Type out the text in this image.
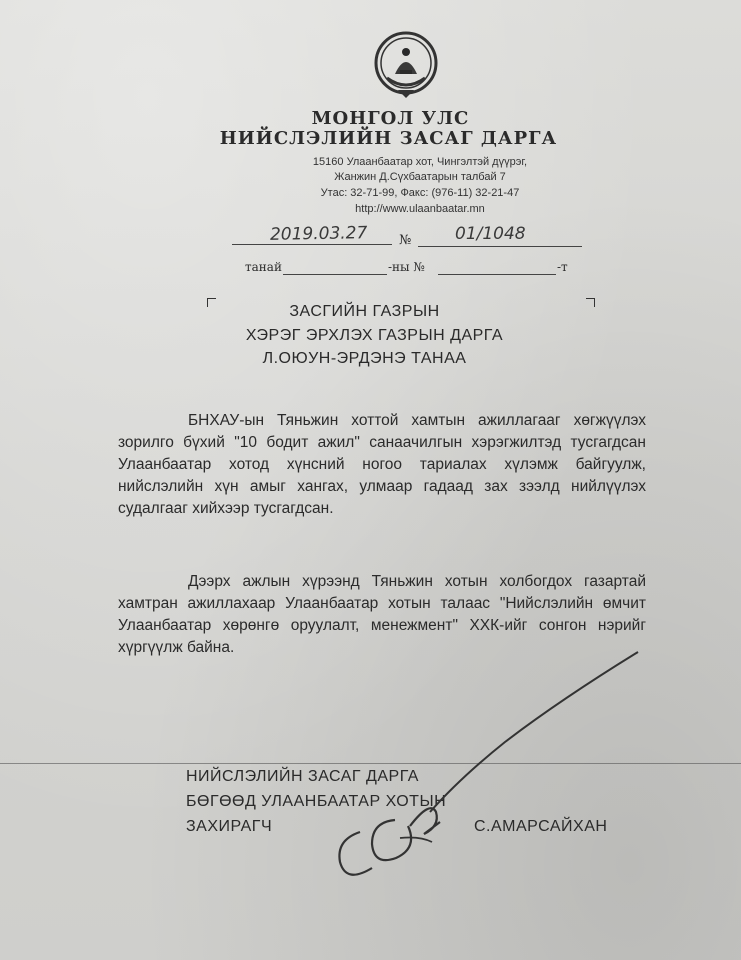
МОНГОЛ УЛС
НИЙСЛЭЛИЙН ЗАСАГ ДАРГА
15160 Улаанбаатар хот, Чингэлтэй дүүрэг,
Жанжин Д.Сүхбаатарын талбай 7
Утас: 32-71-99, Факс: (976-11) 32-21-47
http://www.ulaanbaatar.mn
2019.03.27 №	01/1048
танай	-ны №	-т
ЗАСГИЙН ГАЗРЫН
ХЭРЭГ ЭРХЛЭХ ГАЗРЫН ДАРГА
Л.ОЮУН-ЭРДЭНЭ ТАНАА
БНХАУ-ын Тяньжин хоттой хамтын ажиллагааг хөгжүүлэх зорилго бүхий "10 бодит ажил" санаачилгын хэрэгжилтэд тусгагдсан Улаанбаатар хотод хүнсний ногоо тариалах хүлэмж байгуулж, нийслэлийн хүн амыг хангах, улмаар гадаад зах зээлд нийлүүлэх судалгааг хийхээр тусгагдсан.
Дээрх ажлын хүрээнд Тяньжин хотын холбогдох газартай хамтран ажиллахаар Улаанбаатар хотын талаас "Нийслэлийн өмчит Улаанбаатар хөрөнгө оруулалт, менежмент" ХХК-ийг сонгон нэрийг хүргүүлж байна.
НИЙСЛЭЛИЙН ЗАСАГ ДАРГА
БӨГӨӨД УЛААНБААТАР ХОТЫН
ЗАХИРАГЧ	С.АМАРСАЙХАН
